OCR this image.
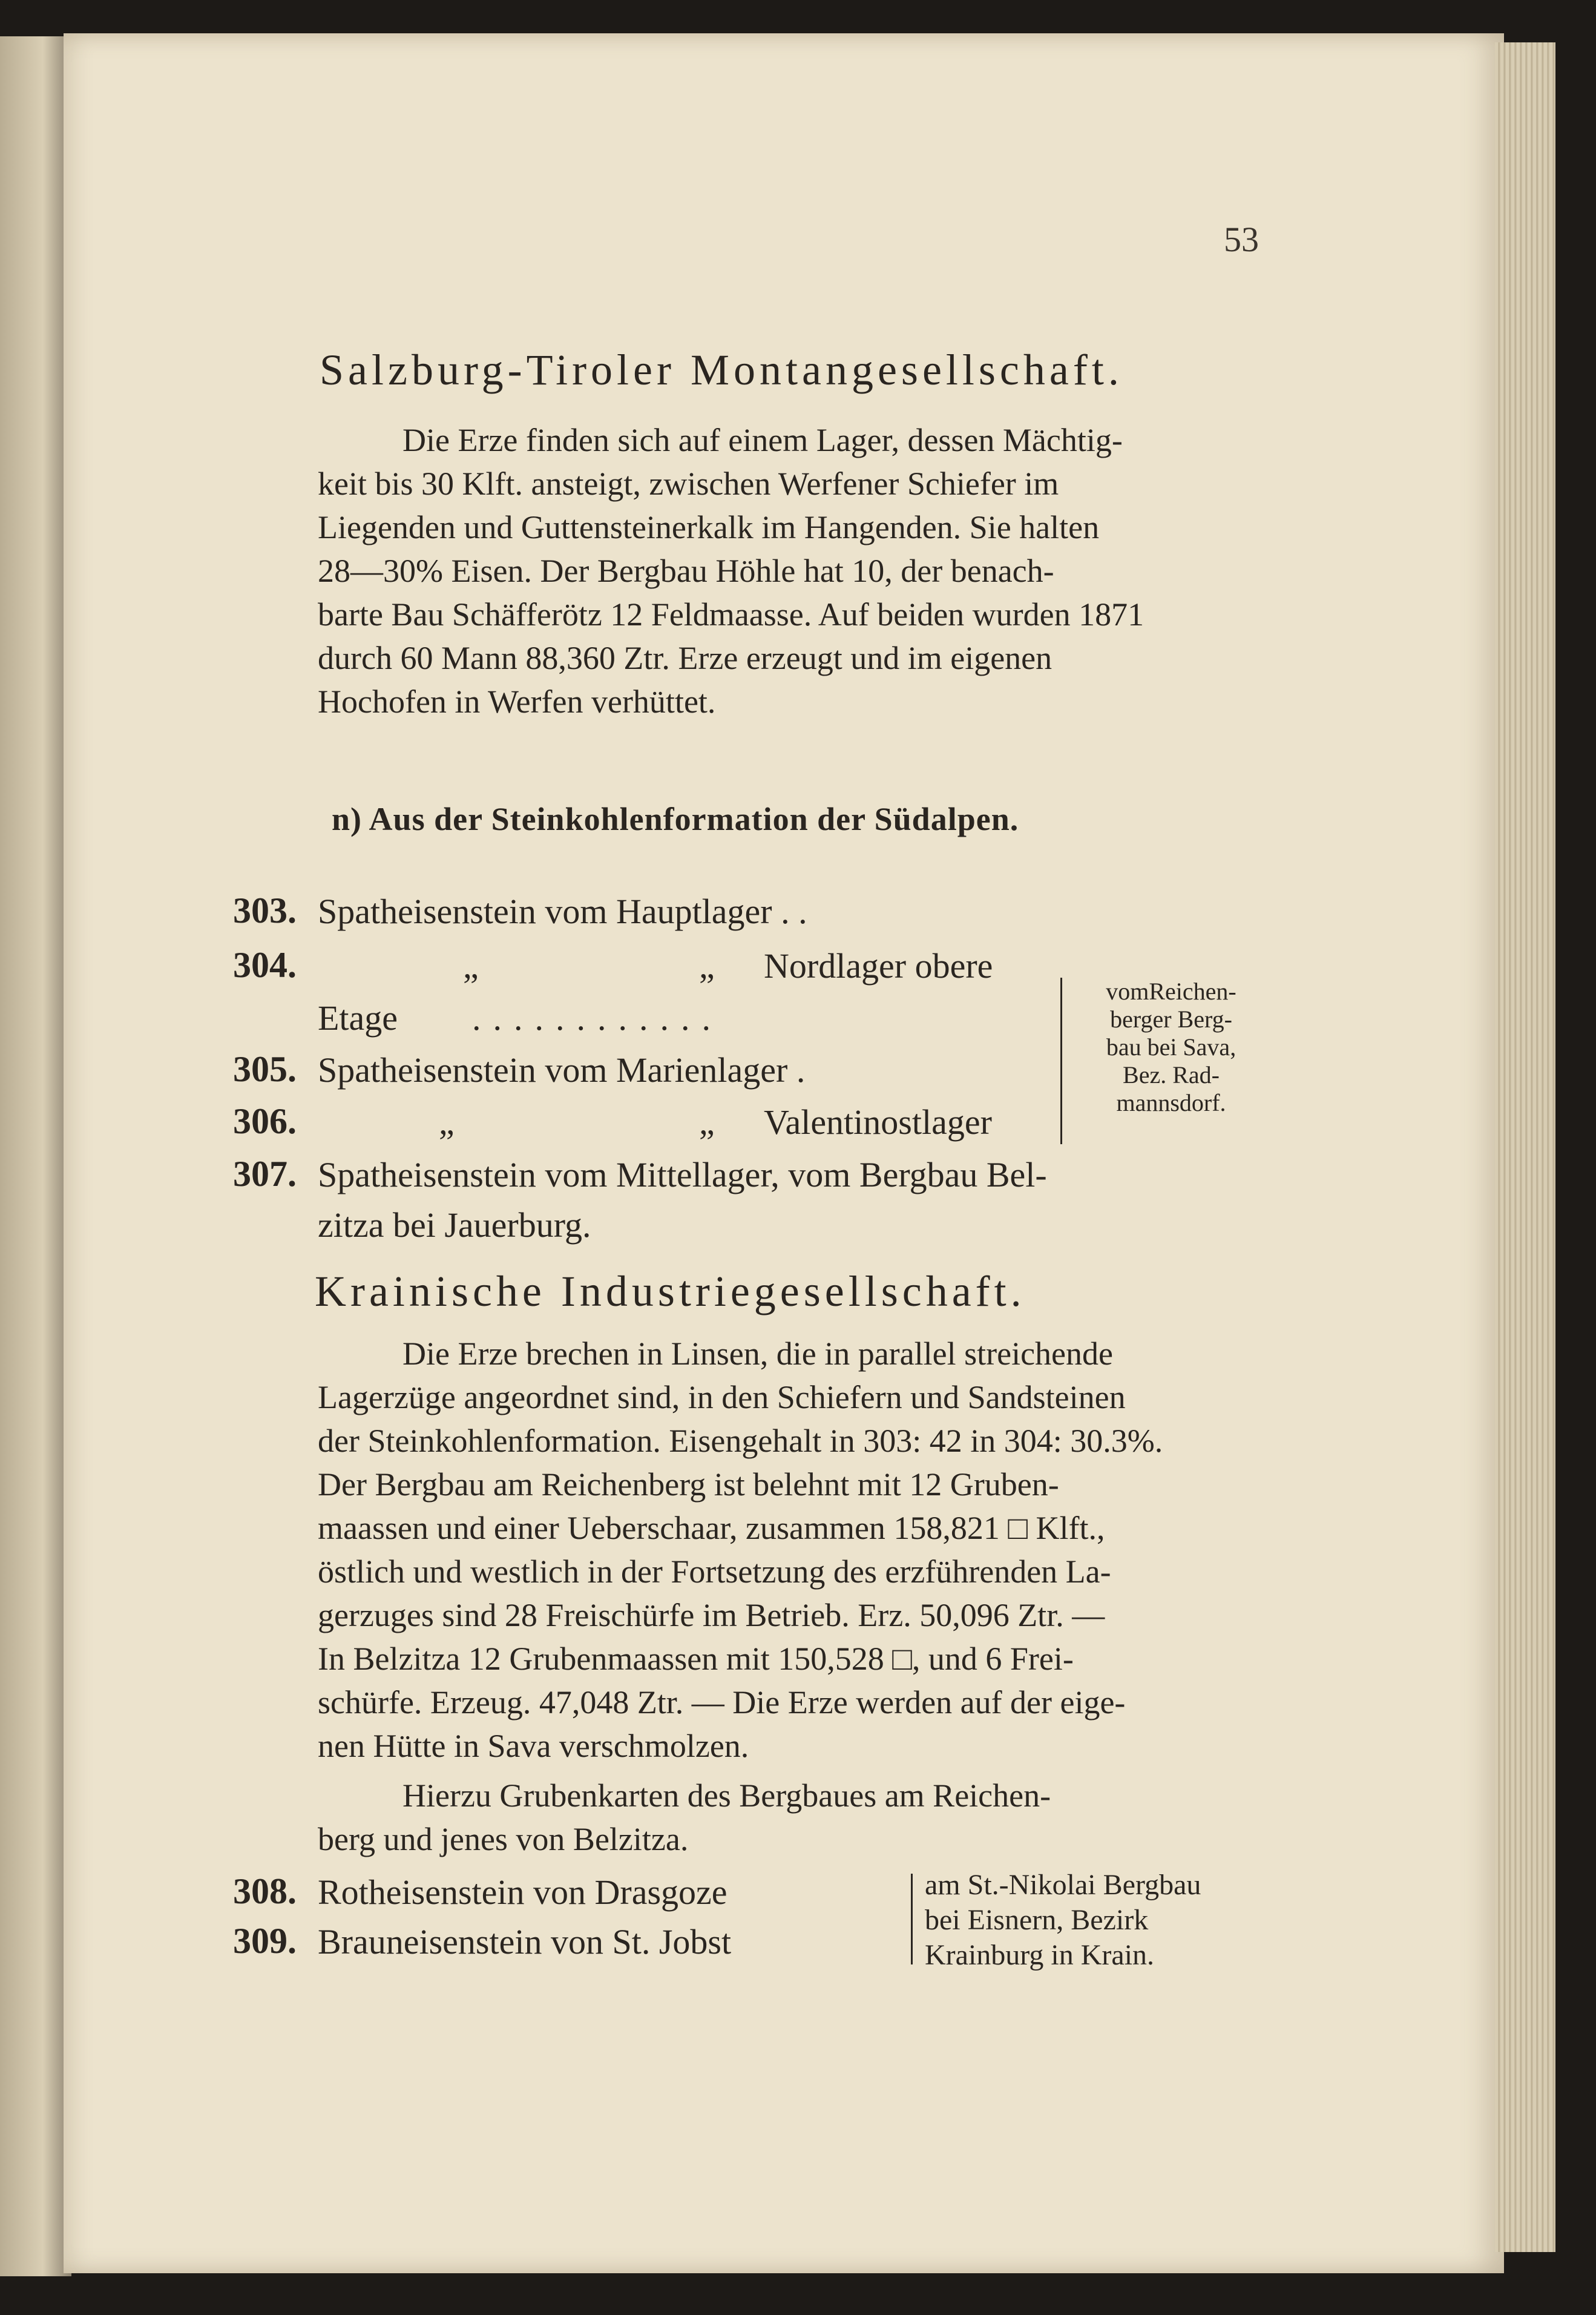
53
Salzburg-Tiroler Montangesellschaft.
Die Erze finden sich auf einem Lager, dessen Mächtig-
keit bis 30 Klft. ansteigt, zwischen Werfener Schiefer im
Liegenden und Guttensteinerkalk im Hangenden. Sie halten
28—30% Eisen. Der Bergbau Höhle hat 10, der benach-
barte Bau Schäfferötz 12 Feldmaasse. Auf beiden wurden 1871
durch 60 Mann 88,360 Ztr. Erze erzeugt und im eigenen
Hochofen in Werfen verhüttet.
n) Aus der Steinkohlenformation der Südalpen.
303. Spatheisenstein vom Hauptlager . .
304.	„	„ Nordlager obere
Etage ............
305. Spatheisenstein vom Marienlager .
306.	„	„ Valentinostlager
307. Spatheisenstein vom Mittellager, vom Bergbau Bel-
zitza bei Jauerburg.
vomReichen-
berger Berg-
bau bei Sava,
Bez. Rad-
mannsdorf.
Krainische Industriegesellschaft.
Die Erze brechen in Linsen, die in parallel streichende
Lagerzüge angeordnet sind, in den Schiefern und Sandsteinen
der Steinkohlenformation. Eisengehalt in 303: 42 in 304: 30.3%.
Der Bergbau am Reichenberg ist belehnt mit 12 Gruben-
maassen und einer Ueberschaar, zusammen 158,821 □ Klft.,
östlich und westlich in der Fortsetzung des erzführenden La-
gerzuges sind 28 Freischürfe im Betrieb. Erz. 50,096 Ztr. —
In Belzitza 12 Grubenmaassen mit 150,528 □, und 6 Frei-
schürfe. Erzeug. 47,048 Ztr. — Die Erze werden auf der eige-
nen Hütte in Sava verschmolzen.
Hierzu Grubenkarten des Bergbaues am Reichen-
berg und jenes von Belzitza.
308. Rotheisenstein von Drasgoze
309. Brauneisenstein von St. Jobst
am St.-Nikolai Bergbau
bei Eisnern, Bezirk
Krainburg in Krain.
